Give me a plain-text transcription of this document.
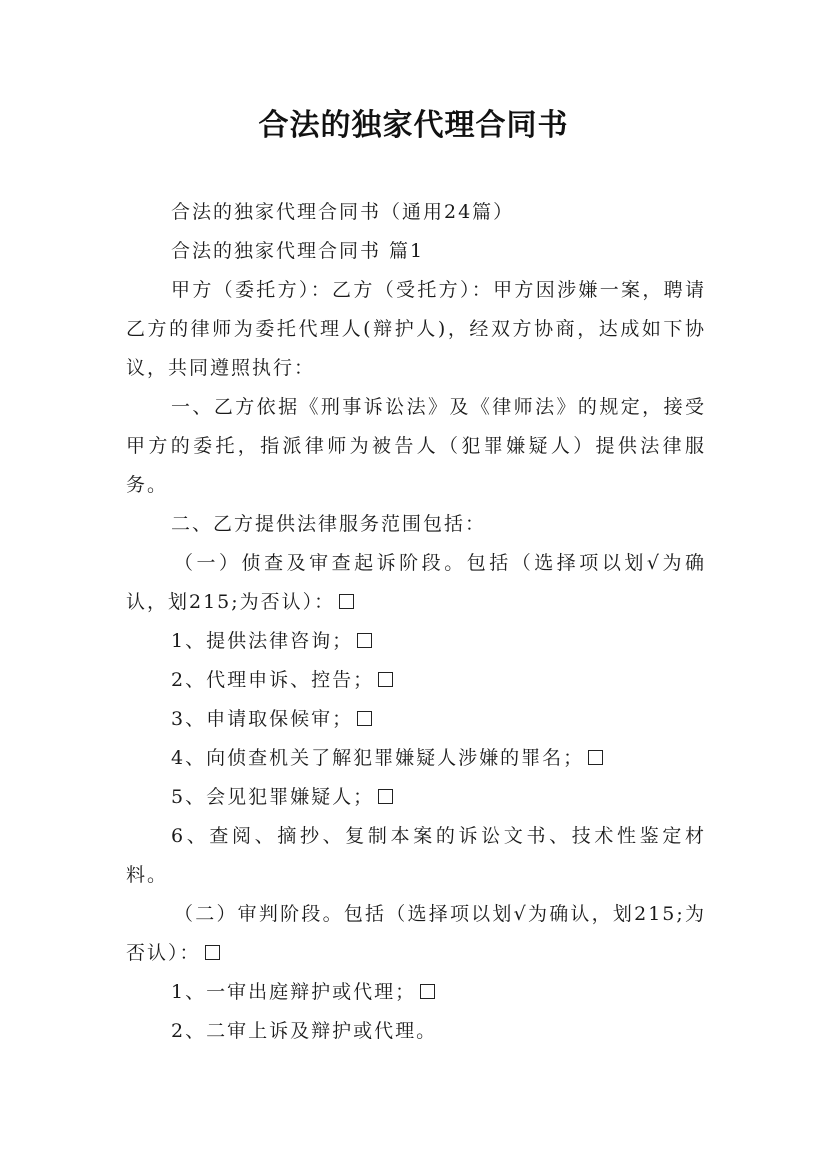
合法的独家代理合同书

合法的独家代理合同书（通用24篇）

合法的独家代理合同书 篇1

甲方（委托方）：乙方（受托方）：甲方因涉嫌一案，聘请乙方的律师为委托代理人(辩护人)，经双方协商，达成如下协议，共同遵照执行：

一、乙方依据《刑事诉讼法》及《律师法》的规定，接受甲方的委托，指派律师为被告人（犯罪嫌疑人）提供法律服务。

二、乙方提供法律服务范围包括：

（一）侦查及审查起诉阶段。包括（选择项以划√为确认，划215;为否认）：

1、提供法律咨询；

2、代理申诉、控告；

3、申请取保候审；

4、向侦查机关了解犯罪嫌疑人涉嫌的罪名；

5、会见犯罪嫌疑人；

6、查阅、摘抄、复制本案的诉讼文书、技术性鉴定材料。

（二）审判阶段。包括（选择项以划√为确认，划215;为否认）：

1、一审出庭辩护或代理；

2、二审上诉及辩护或代理。
